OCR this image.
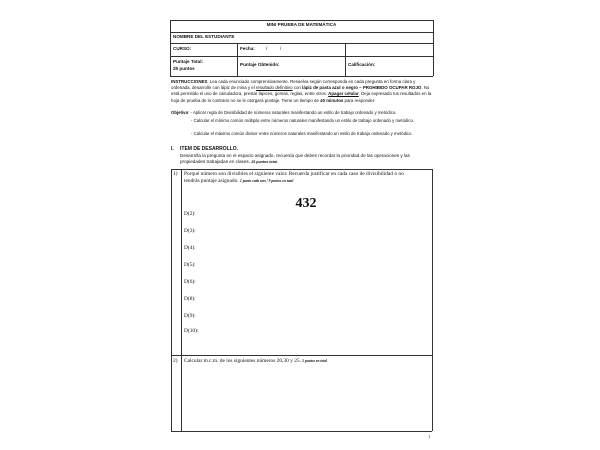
MINI PRUEBA DE MATEMÁTICA
NOMBRE DEL ESTUDIANTE
CURSO:	Fecha: /          /
Puntaje Total:
25 puntos
Puntaje Obtenido:	Calificación:
INSTRUCCIONES: Lea cada enunciado comprensivamente. Resuelva según corresponda en cada pregunta en forma clara y ordenada, desarrolle con lápiz de mina y el resultado definitivo con lápiz de pasta azul o negro – PROHIBIDO OCUPAR ROJO. No está permitido el uso de calculadora, prestar lápices, gomas, reglas, entre otros. Apagar celular. Deja expresado tus resultados en la hoja de prueba de lo contrario no se le otorgará puntaje. Tiene un tiempo de 40 minutos para responder.
Objetivo: - Aplicar regla de Divisibilidad de números naturales manifestando un estilo de trabajo ordenado y metódico.
- Calcular el mínimo común múltiplo entre números naturales manifestando un estilo de trabajo ordenado y metódico.
- Calcular el máximo común divisor entre números naturales manifestando un estilo de trabajo ordenado y metódico.
I. ITEM DE DESARROLLO.
Desarrolla la pregunta en el espacio asignado, recuerda que debes recordar la prioridad de las operaciones y las
propiedades trabajadas en clases. 25 puntos total.
1) Porqué número son divisibles el siguiente valor. Recuerda justificar en cada caso de divisibilidad o no
tendrás puntaje asignado. 1 punto cada uno / 9 puntos en total
432
D(2):
D(3):
D(4):
D(5):
D(6):
D(8):
D(9):
D(10):
2) Calcular m.c.m. de los siguientes números 20,30 y 25. 5 puntos en total
1
